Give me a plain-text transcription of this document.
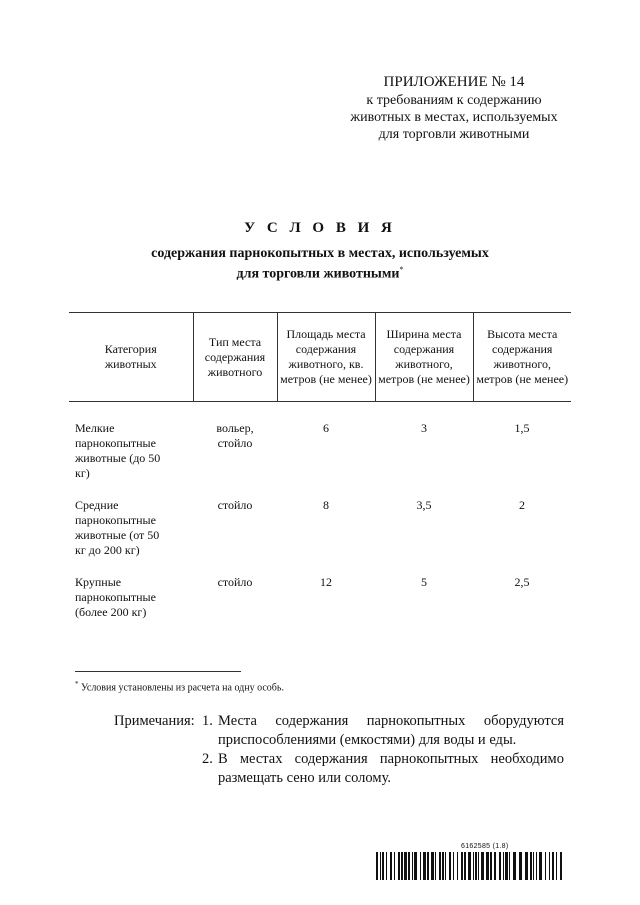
ПРИЛОЖЕНИЕ № 14
к требованиям к содержанию
животных в местах, используемых
для торговли животными
У С Л О В И Я
содержания парнокопытных в местах, используемых
для торговли животными*
Категория животных	Тип места содержания животного	Площадь места содержания животного, кв. метров (не менее)	Ширина места содержания животного, метров (не менее)	Высота места содержания животного, метров (не менее)
Мелкие парнокопытные животные (до 50 кг)	вольер, стойло	6	3	1,5
Средние парнокопытные животные (от 50 кг до 200 кг)	стойло	8	3,5	2
Крупные парнокопытные (более 200 кг)	стойло	12	5	2,5
* Условия установлены из расчета на одну особь.
Примечания: 1. Места содержания парнокопытных оборудуются приспособлениями (емкостями) для воды и еды.
2. В местах содержания парнокопытных необходимо размещать сено или солому.
6162585 (1.8)
